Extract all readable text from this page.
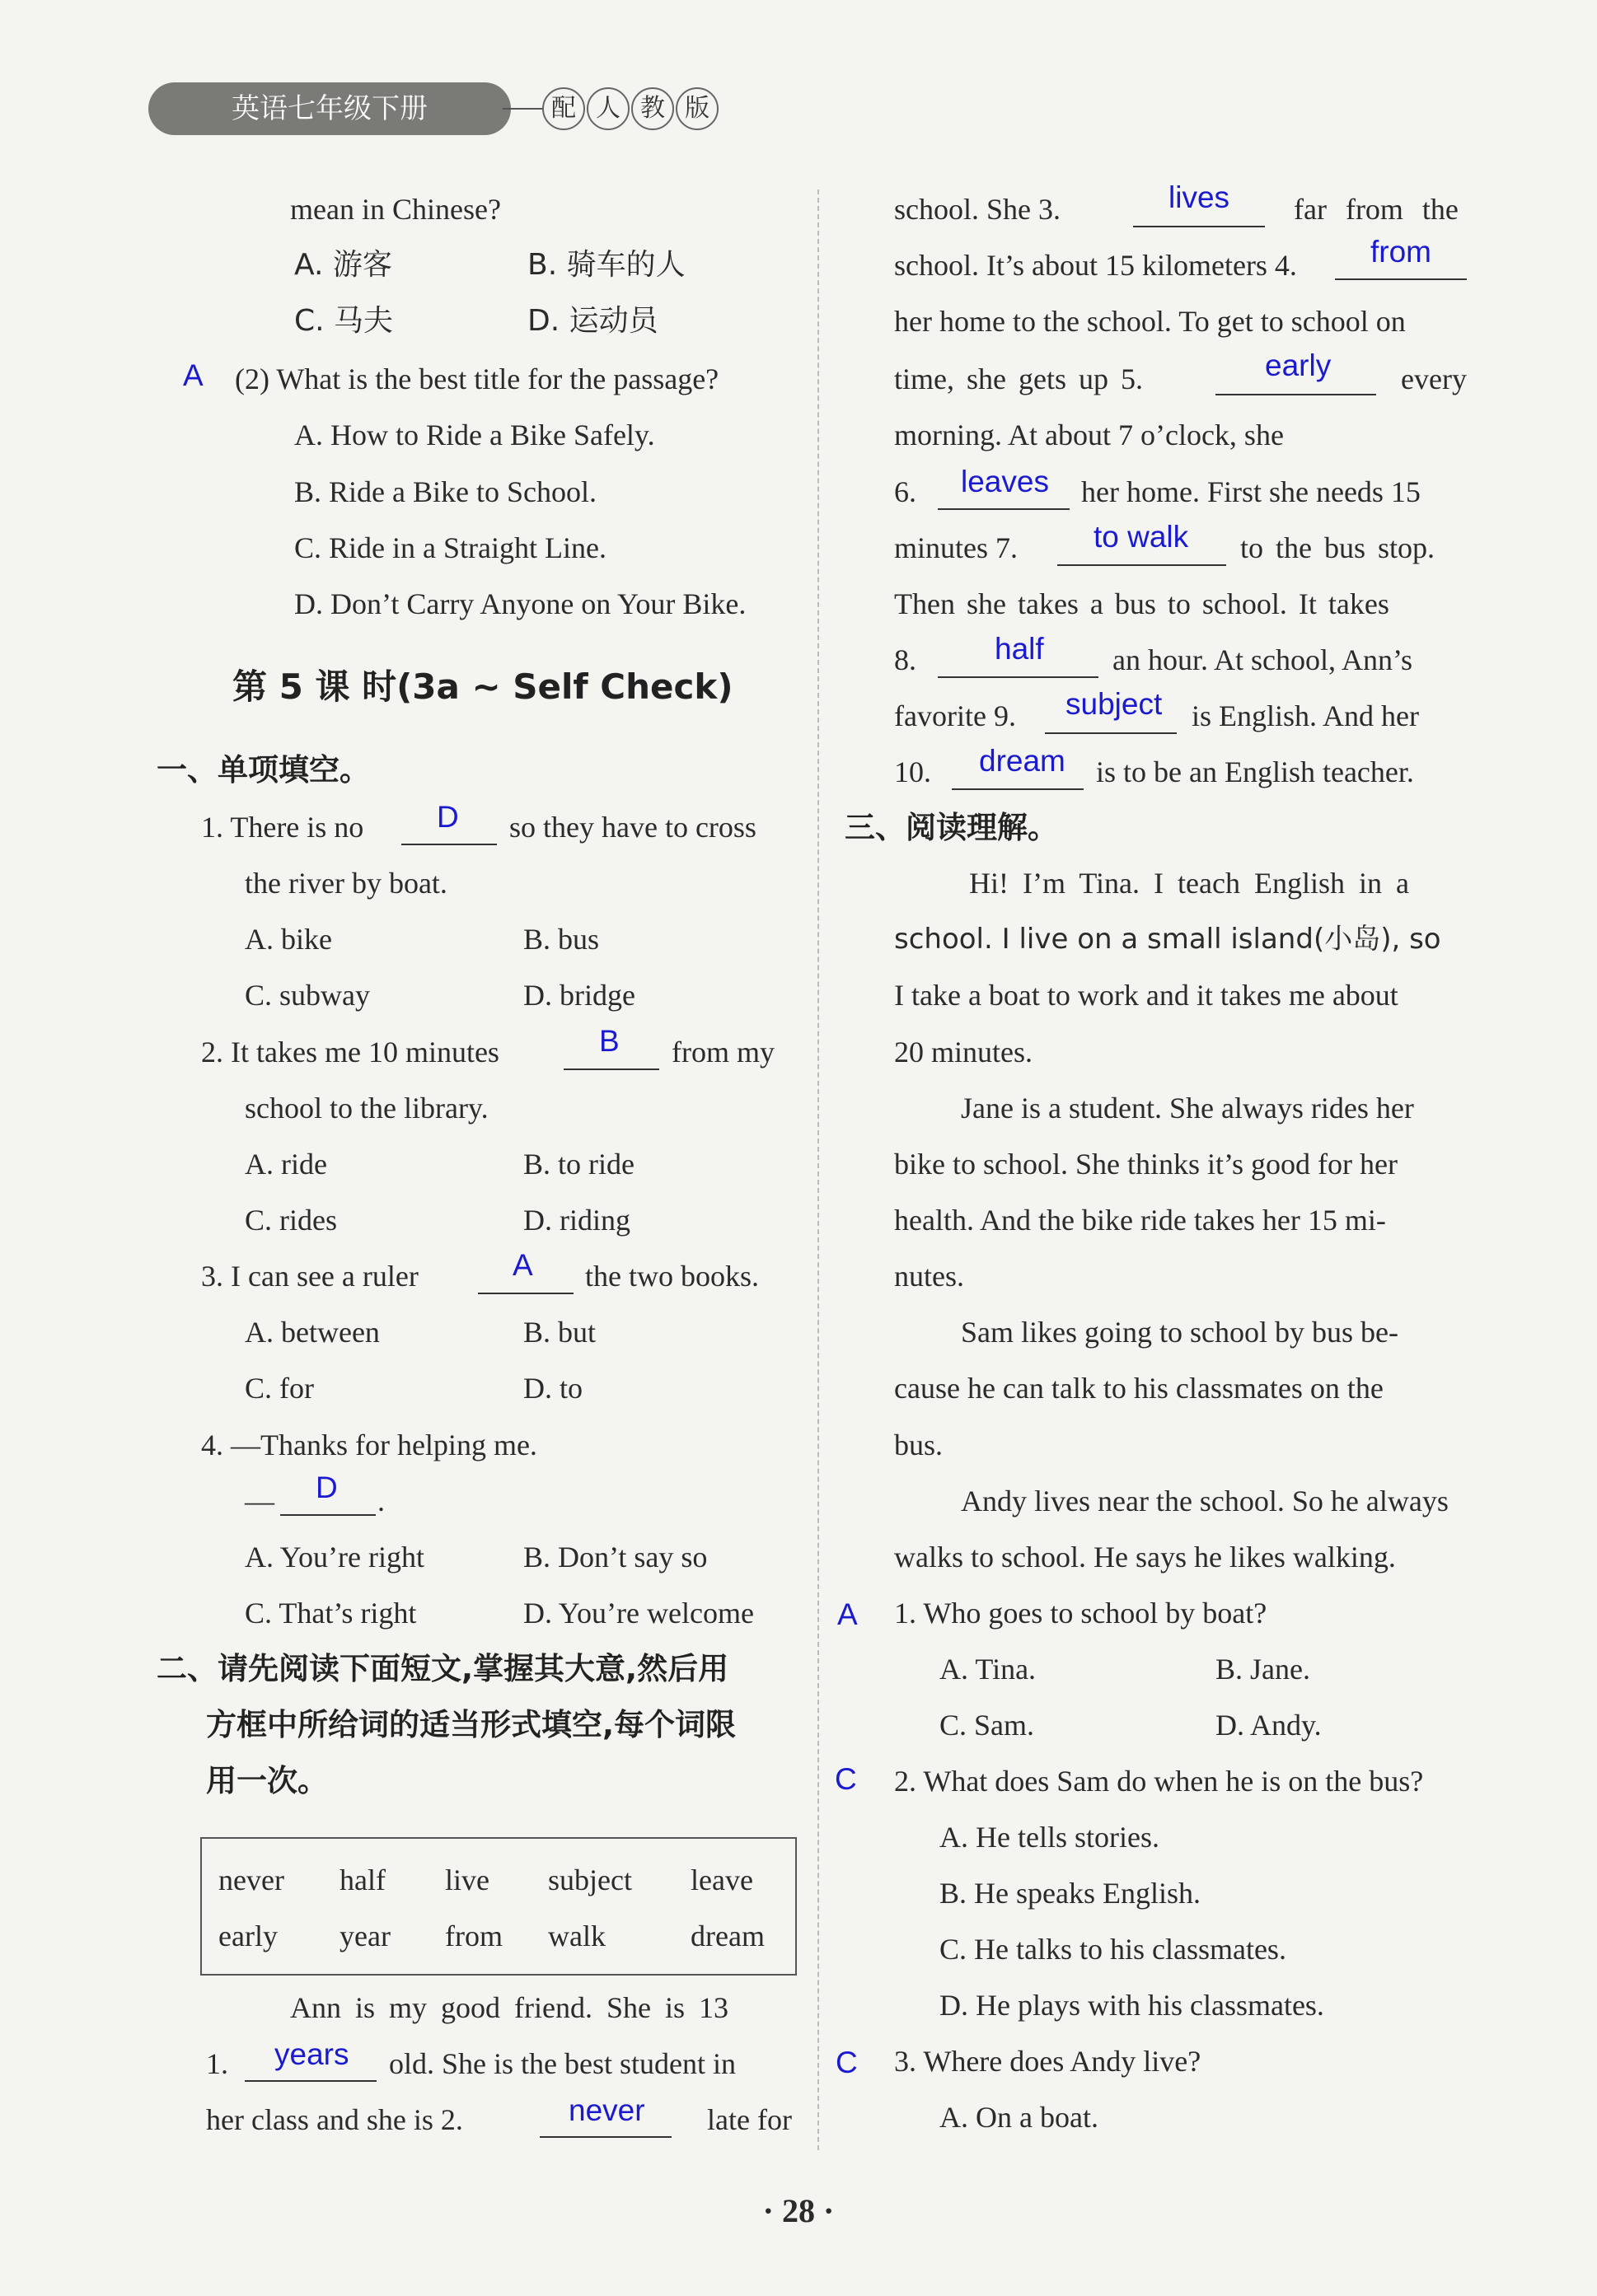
英语七年级下册	配 人 教 版
mean in Chinese?
A. 游客	B. 骑车的人
C. 马夫	D. 运动员
A (2) What is the best title for the passage?
A. How to Ride a Bike Safely.
B. Ride a Bike to School.
C. Ride in a Straight Line.
D. Don’t Carry Anyone on Your Bike.
第 5 课 时(3a ~ Self Check)
一、单项填空。
1. There is no D so they have to cross
the river by boat.
A. bike	B. bus
C. subway	D. bridge
2. It takes me 10 minutes	B from my
school to the library.
A. ride	B. to ride
C. rides	D. riding
3. I can see a ruler	A the two books.
A. between	B. but
C. for	D. to
4. —Thanks for helping me.
— D .
A. You’re right	B. Don’t say so
C. That’s right	D. You’re welcome
二、请先阅读下面短文,掌握其大意,然后用
方框中所给词的适当形式填空,每个词限
用一次。
never half live subject leave
early year from walk	dream
Ann is my good friend. She is 13
1. years old. She is the best student in
her class and she is 2.	never late for
school. She 3.	lives far from the
school. It’s about 15 kilometers 4. from
her home to the school. To get to school on
time, she gets up 5.	early every
morning. At about 7 o’clock, she
6. leaves her home. First she needs 15
minutes 7. to walk to the bus stop.
Then she takes a bus to school. It takes
8.	half an hour. At school, Ann’s
favorite 9. subject is English. And her
10. dream is to be an English teacher.
三、阅读理解。
Hi! I’m Tina. I teach English in a
school. I live on a small island(小岛), so
I take a boat to work and it takes me about
20 minutes.
Jane is a student. She always rides her
bike to school. She thinks it’s good for her
health. And the bike ride takes her 15 mi-
nutes.
Sam likes going to school by bus be-
cause he can talk to his classmates on the
bus.
Andy lives near the school. So he always
walks to school. He says he likes walking.
A 1. Who goes to school by boat?
A. Tina.	B. Jane.
C. Sam.	D. Andy.
C 2. What does Sam do when he is on the bus?
A. He tells stories.
B. He speaks English.
C. He talks to his classmates.
D. He plays with his classmates.
C 3. Where does Andy live?
A. On a boat.
· 28 ·
